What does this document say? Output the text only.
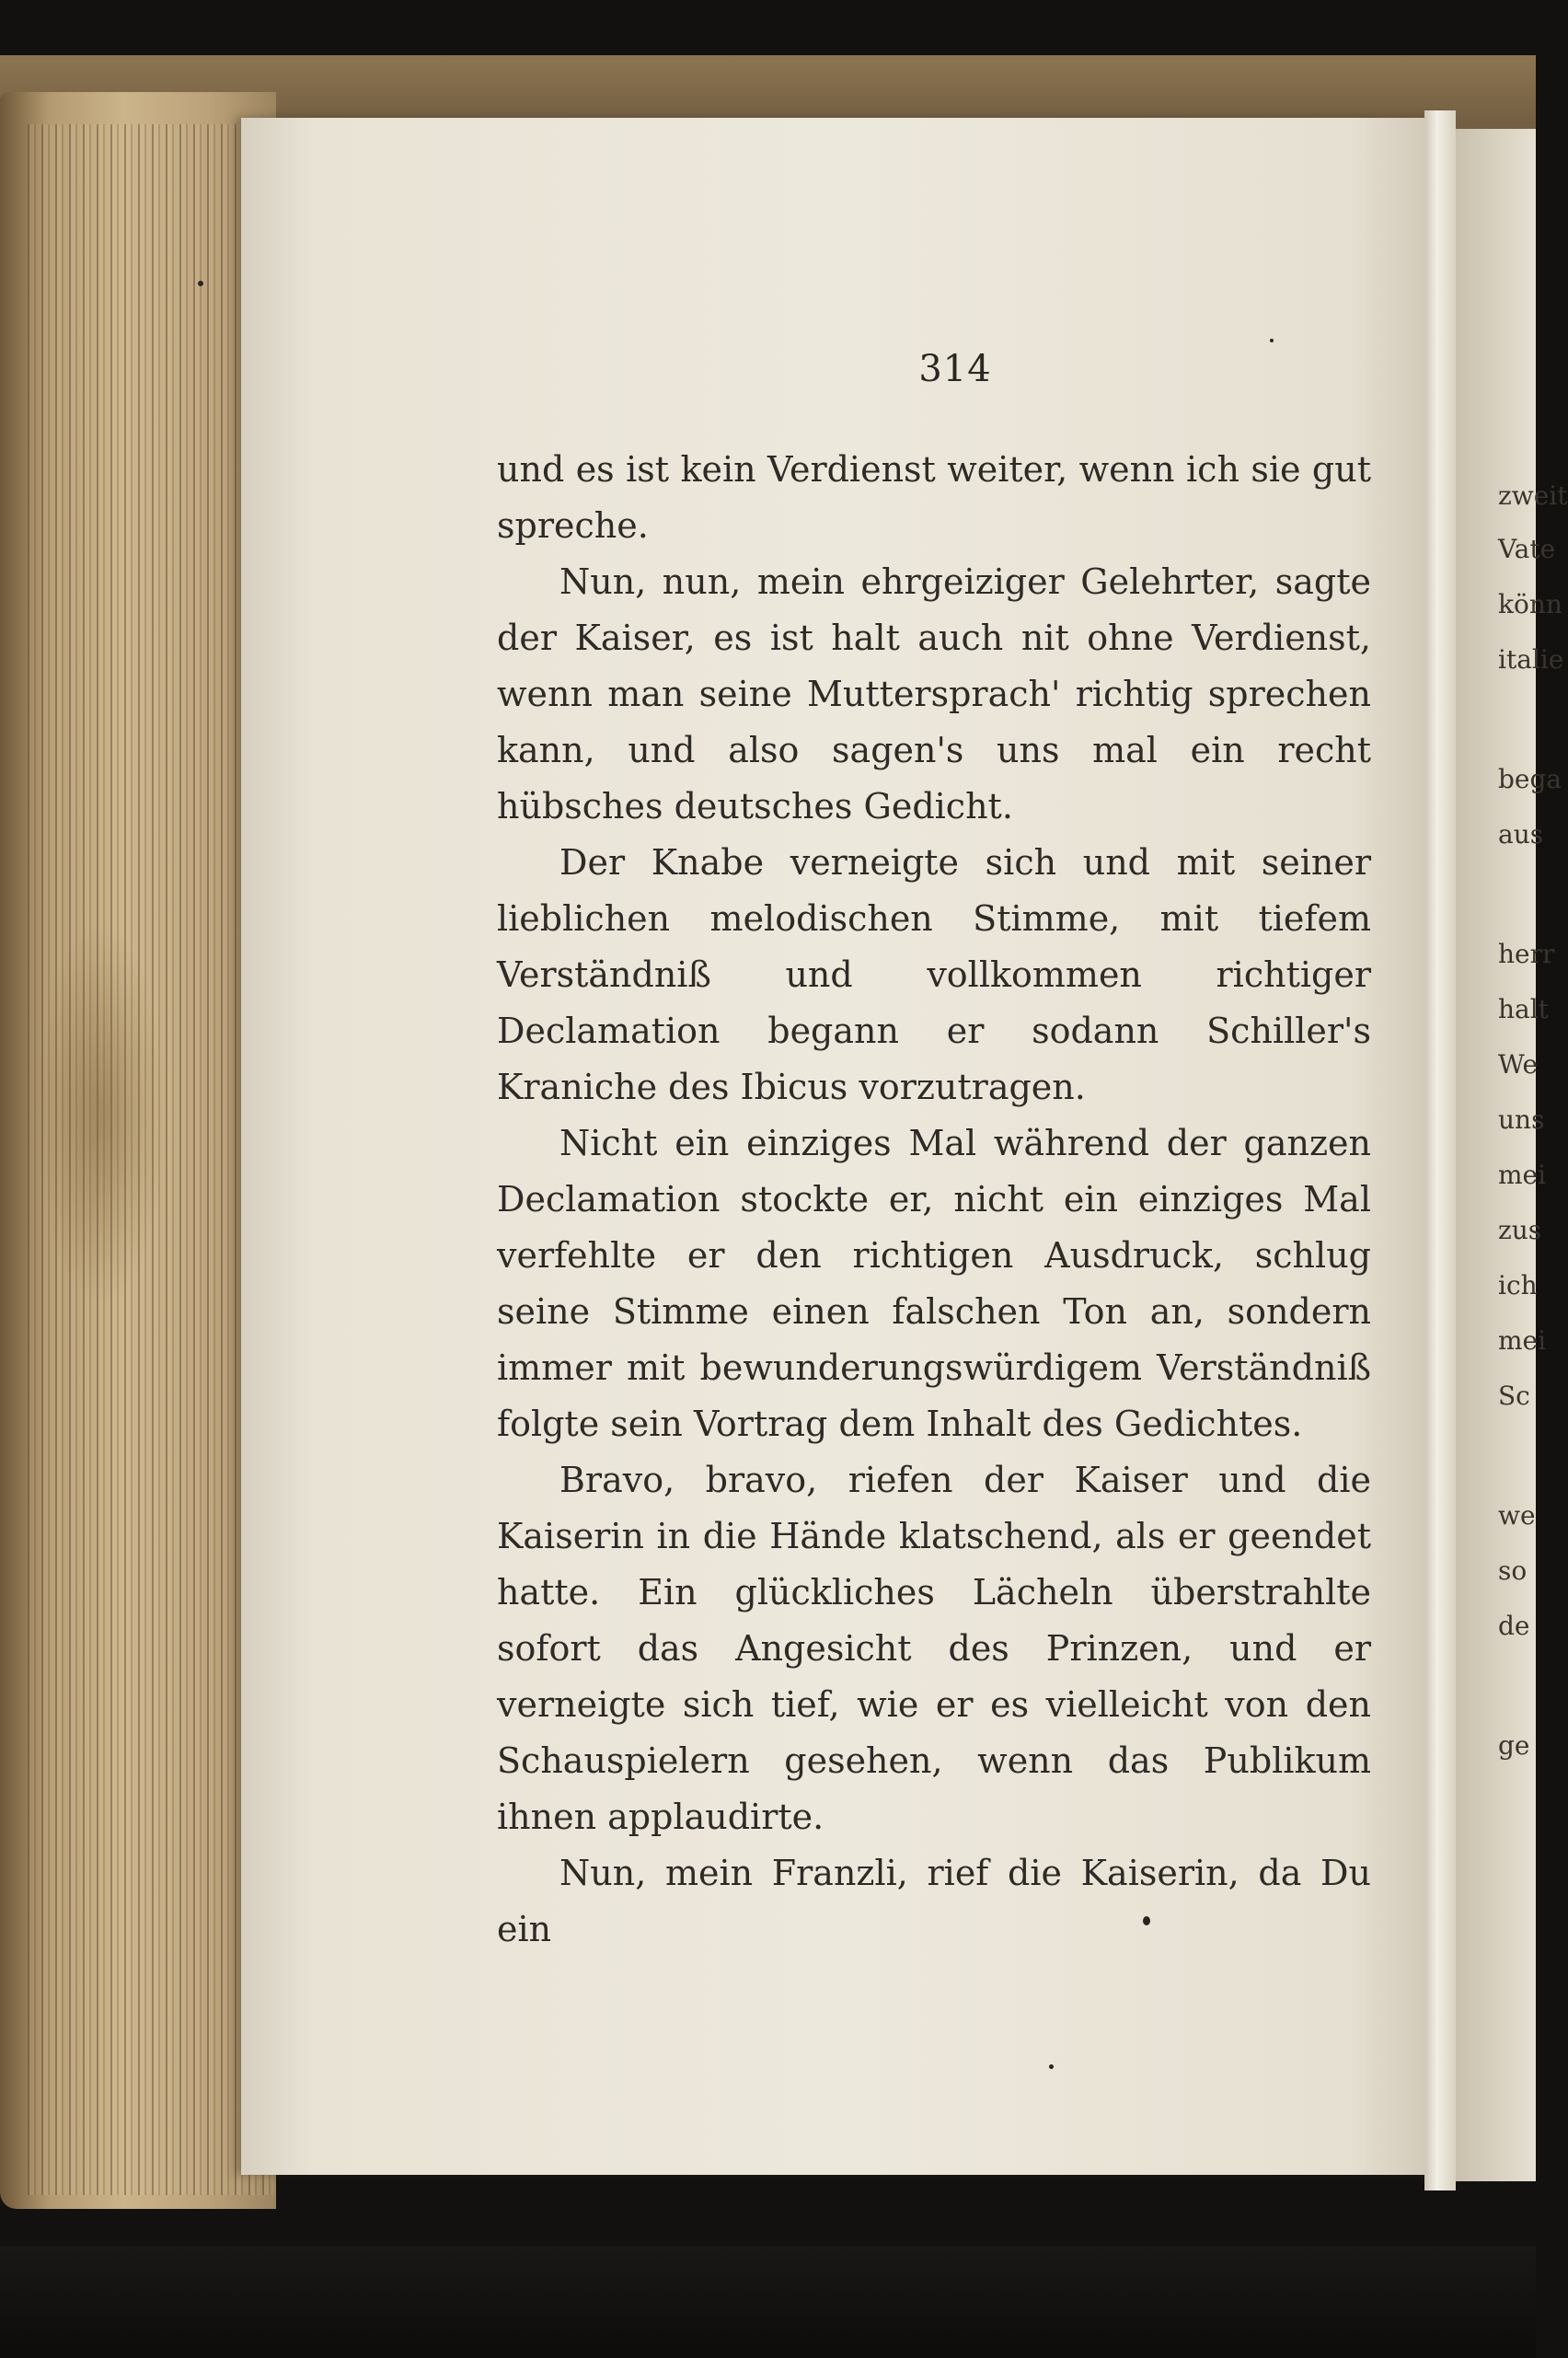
314

und es ist kein Verdienst weiter, wenn ich sie gut spreche.

Nun, nun, mein ehrgeiziger Gelehrter, sagte der Kaiser, es ist halt auch nit ohne Verdienst, wenn man seine Muttersprach' richtig sprechen kann, und also sagen's uns mal ein recht hübsches deutsches Gedicht.

Der Knabe verneigte sich und mit seiner lieblichen melodischen Stimme, mit tiefem Verständniß und vollkommen richtiger Declamation begann er sodann Schiller's Kraniche des Ibicus vorzutragen.

Nicht ein einziges Mal während der ganzen Declamation stockte er, nicht ein einziges Mal verfehlte er den richtigen Ausdruck, schlug seine Stimme einen falschen Ton an, sondern immer mit bewunderungswürdigem Verständniß folgte sein Vortrag dem Inhalt des Gedichtes.

Bravo, bravo, riefen der Kaiser und die Kaiserin in die Hände klatschend, als er geendet hatte. Ein glückliches Lächeln überstrahlte sofort das Angesicht des Prinzen, und er verneigte sich tief, wie er es vielleicht von den Schauspielern gesehen, wenn das Publikum ihnen applaudirte.

Nun, mein Franzli, rief die Kaiserin, da Du ein

zweit
Vate
könn
italie
bega
aus
herr
halt
We
uns
mei
zus
ich
mei
Sc
we
so
de
ge
